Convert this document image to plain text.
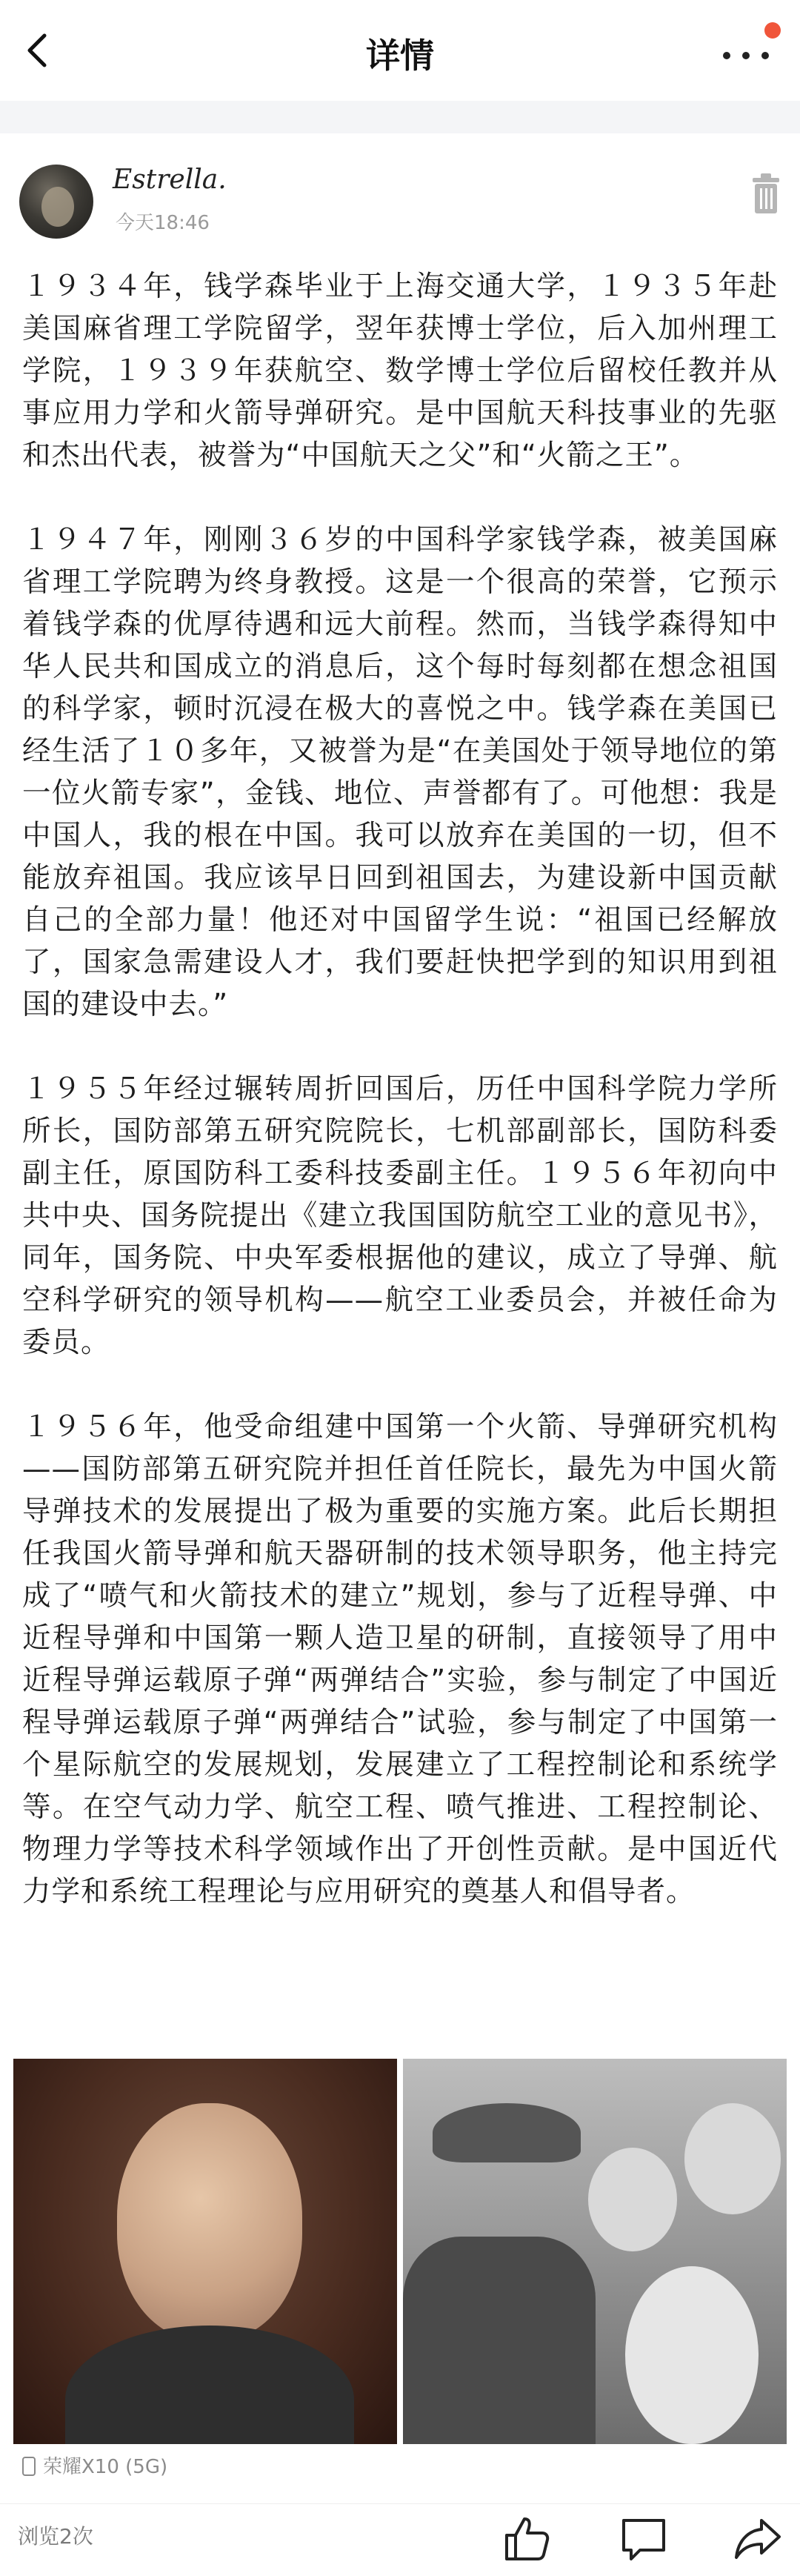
详情
Estrella.
今天18:46

１９３４年，钱学森毕业于上海交通大学，１９３５年赴美国麻省理工学院留学，翌年获博士学位，后入加州理工学院，１９３９年获航空、数学博士学位后留校任教并从事应用力学和火箭导弹研究。是中国航天科技事业的先驱和杰出代表，被誉为“中国航天之父”和“火箭之王”。

１９４７年，刚刚３６岁的中国科学家钱学森，被美国麻省理工学院聘为终身教授。这是一个很高的荣誉，它预示着钱学森的优厚待遇和远大前程。然而，当钱学森得知中华人民共和国成立的消息后，这个每时每刻都在想念祖国的科学家，顿时沉浸在极大的喜悦之中。钱学森在美国已经生活了１０多年，又被誉为是“在美国处于领导地位的第一位火箭专家”，金钱、地位、声誉都有了。可他想：我是中国人，我的根在中国。我可以放弃在美国的一切，但不能放弃祖国。我应该早日回到祖国去，为建设新中国贡献自己的全部力量！他还对中国留学生说：“祖国已经解放了，国家急需建设人才，我们要赶快把学到的知识用到祖国的建设中去。”

１９５５年经过辗转周折回国后，历任中国科学院力学所所长，国防部第五研究院院长，七机部副部长，国防科委副主任，原国防科工委科技委副主任。１９５６年初向中共中央、国务院提出《建立我国国防航空工业的意见书》，同年，国务院、中央军委根据他的建议，成立了导弹、航空科学研究的领导机构——航空工业委员会，并被任命为委员。

１９５６年，他受命组建中国第一个火箭、导弹研究机构——国防部第五研究院并担任首任院长，最先为中国火箭导弹技术的发展提出了极为重要的实施方案。此后长期担任我国火箭导弹和航天器研制的技术领导职务，他主持完成了“喷气和火箭技术的建立”规划，参与了近程导弹、中近程导弹和中国第一颗人造卫星的研制，直接领导了用中近程导弹运载原子弹“两弹结合”实验，参与制定了中国近程导弹运载原子弹“两弹结合”试验，参与制定了中国第一个星际航空的发展规划，发展建立了工程控制论和系统学等。在空气动力学、航空工程、喷气推进、工程控制论、物理力学等技术科学领域作出了开创性贡献。是中国近代力学和系统工程理论与应用研究的奠基人和倡导者。

荣耀X10 (5G)
浏览2次
